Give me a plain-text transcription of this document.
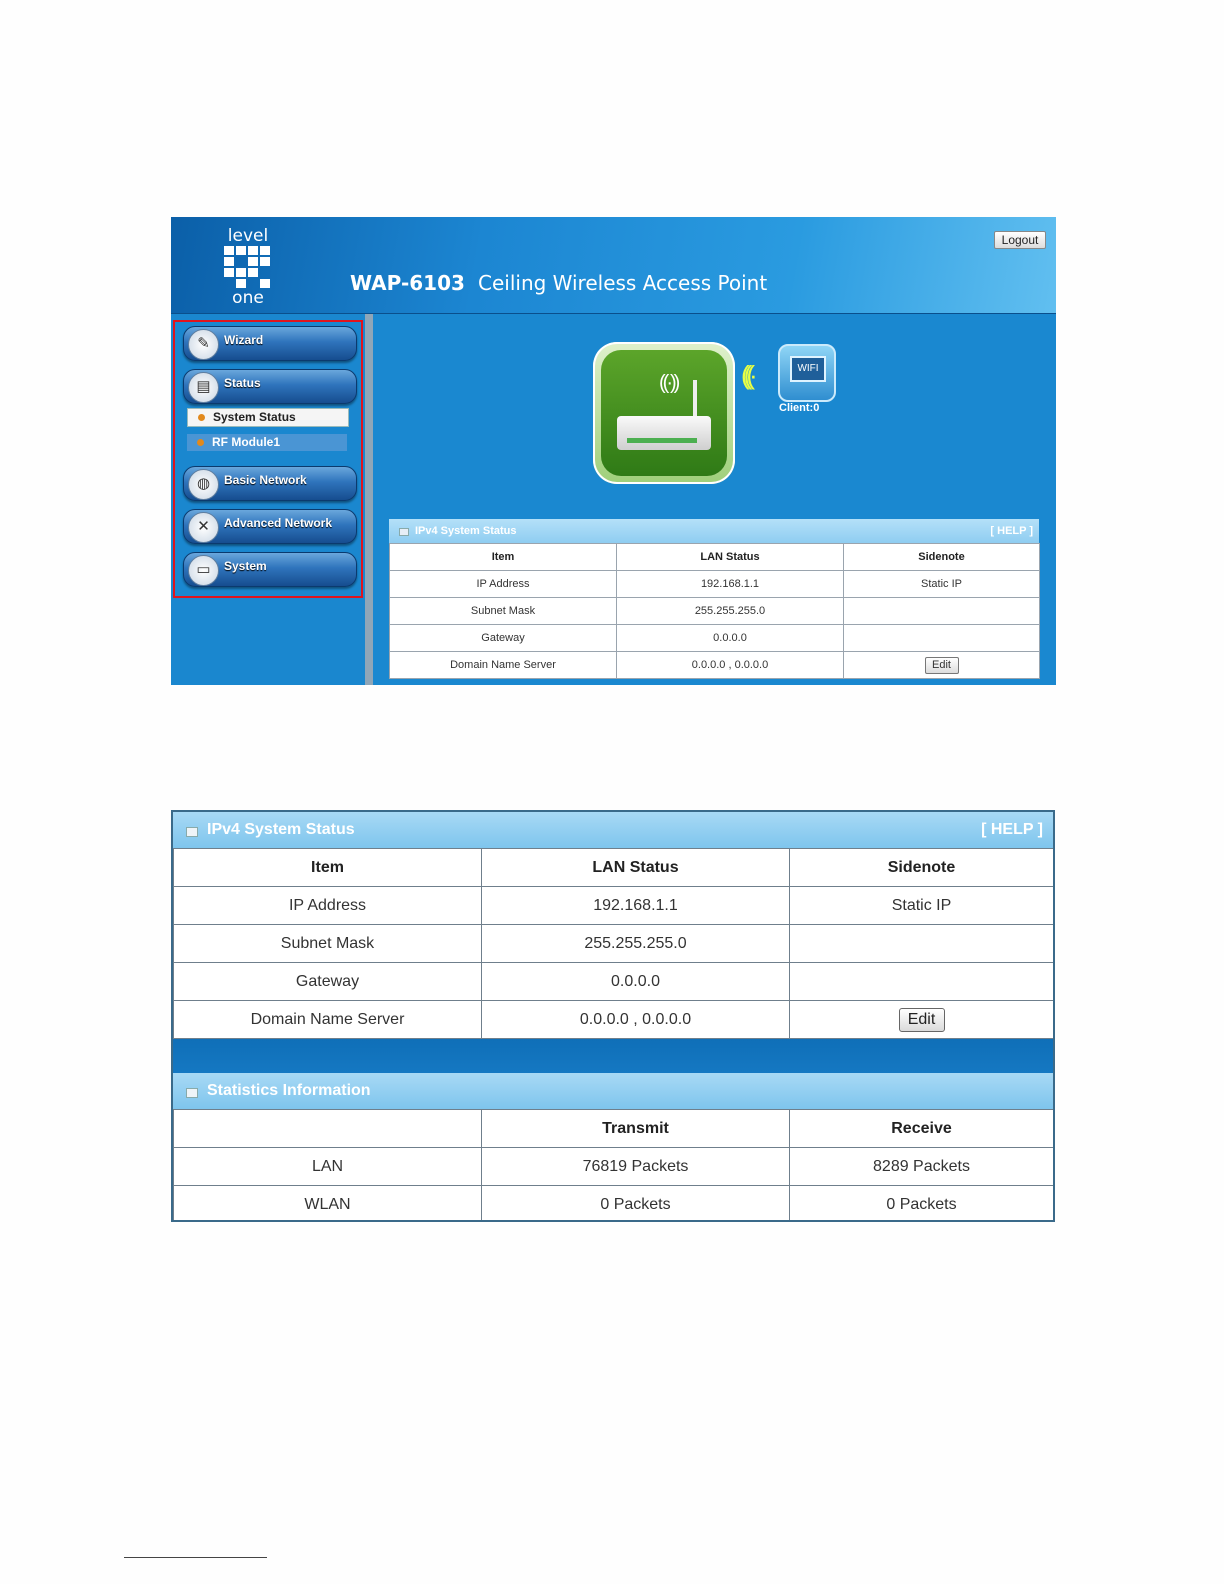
level
one
WAP-6103 Ceiling Wireless Access Point
Logout
✎	Wizard
▤	Status
System Status
RF Module1
◍	Basic Network
✕	Advanced Network
▭	System
((·)) (((·	WIFI
Client:0
IPv4 System Status	[ HELP ]
Item	LAN Status	Sidenote
IP Address	192.168.1.1	Static IP
Subnet Mask	255.255.255.0	
Gateway	0.0.0.0	
Domain Name Server	0.0.0.0 , 0.0.0.0	Edit
IPv4 System Status	[ HELP ]
Item	LAN Status	Sidenote
IP Address	192.168.1.1	Static IP
Subnet Mask	255.255.255.0	
Gateway	0.0.0.0	
Domain Name Server	0.0.0.0 , 0.0.0.0	Edit
Statistics Information
	Transmit	Receive
LAN	76819 Packets	8289 Packets
WLAN	0 Packets	0 Packets
